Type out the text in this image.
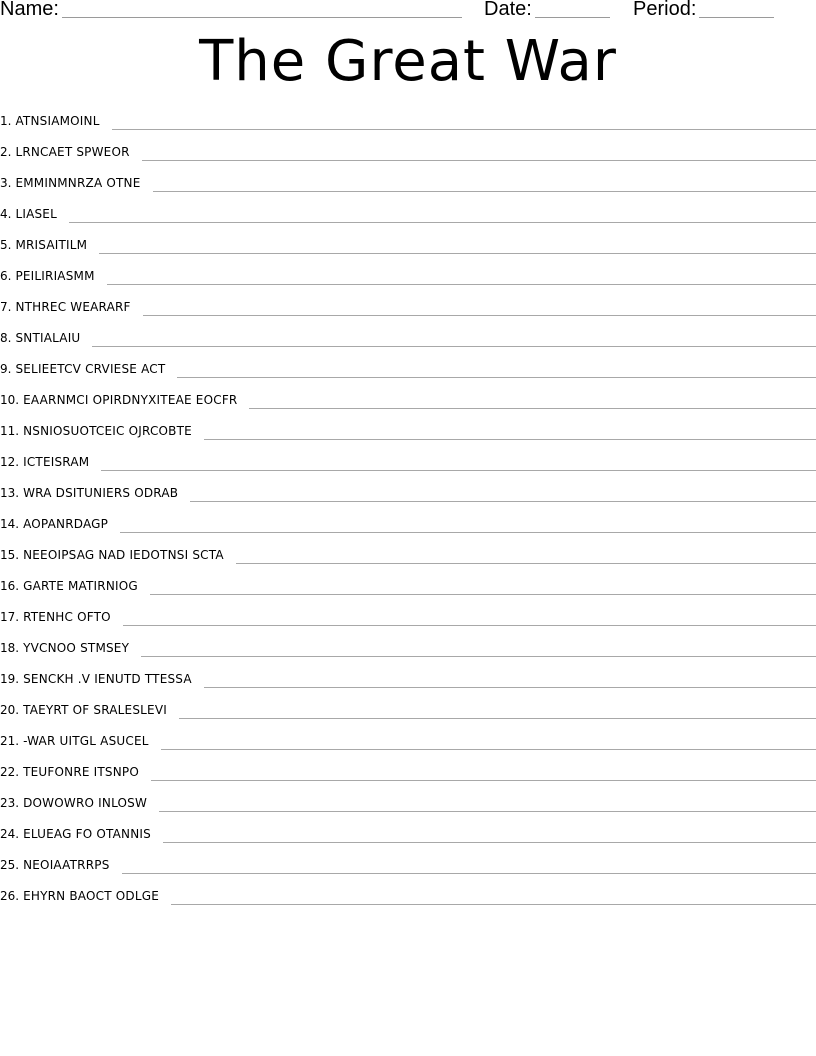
Name:	Date:	Period:
The Great War
1. ATNSIAMOINL
2. LRNCAET SPWEOR
3. EMMINMNRZA OTNE
4. LIASEL
5. MRISAITILM
6. PEILIRIASMM
7. NTHREC WEARARF
8. SNTIALAIU
9. SELIEETCV CRVIESE ACT
10. EAARNMCI OPIRDNYXITEAE EOCFR
11. NSNIOSUOTCEIC OJRCOBTE
12. ICTEISRAM
13. WRA DSITUNIERS ODRAB
14. AOPANRDAGP
15. NEEOIPSAG NAD IEDOTNSI SCTA
16. GARTE MATIRNIOG
17. RTENHC OFTO
18. YVCNOO STMSEY
19. SENCKH .V IENUTD TTESSA
20. TAEYRT OF SRALESLEVI
21. -WAR UITGL ASUCEL
22. TEUFONRE ITSNPO
23. DOWOWRO INLOSW
24. ELUEAG FO OTANNIS
25. NEOIAATRRPS
26. EHYRN BAOCT ODLGE
